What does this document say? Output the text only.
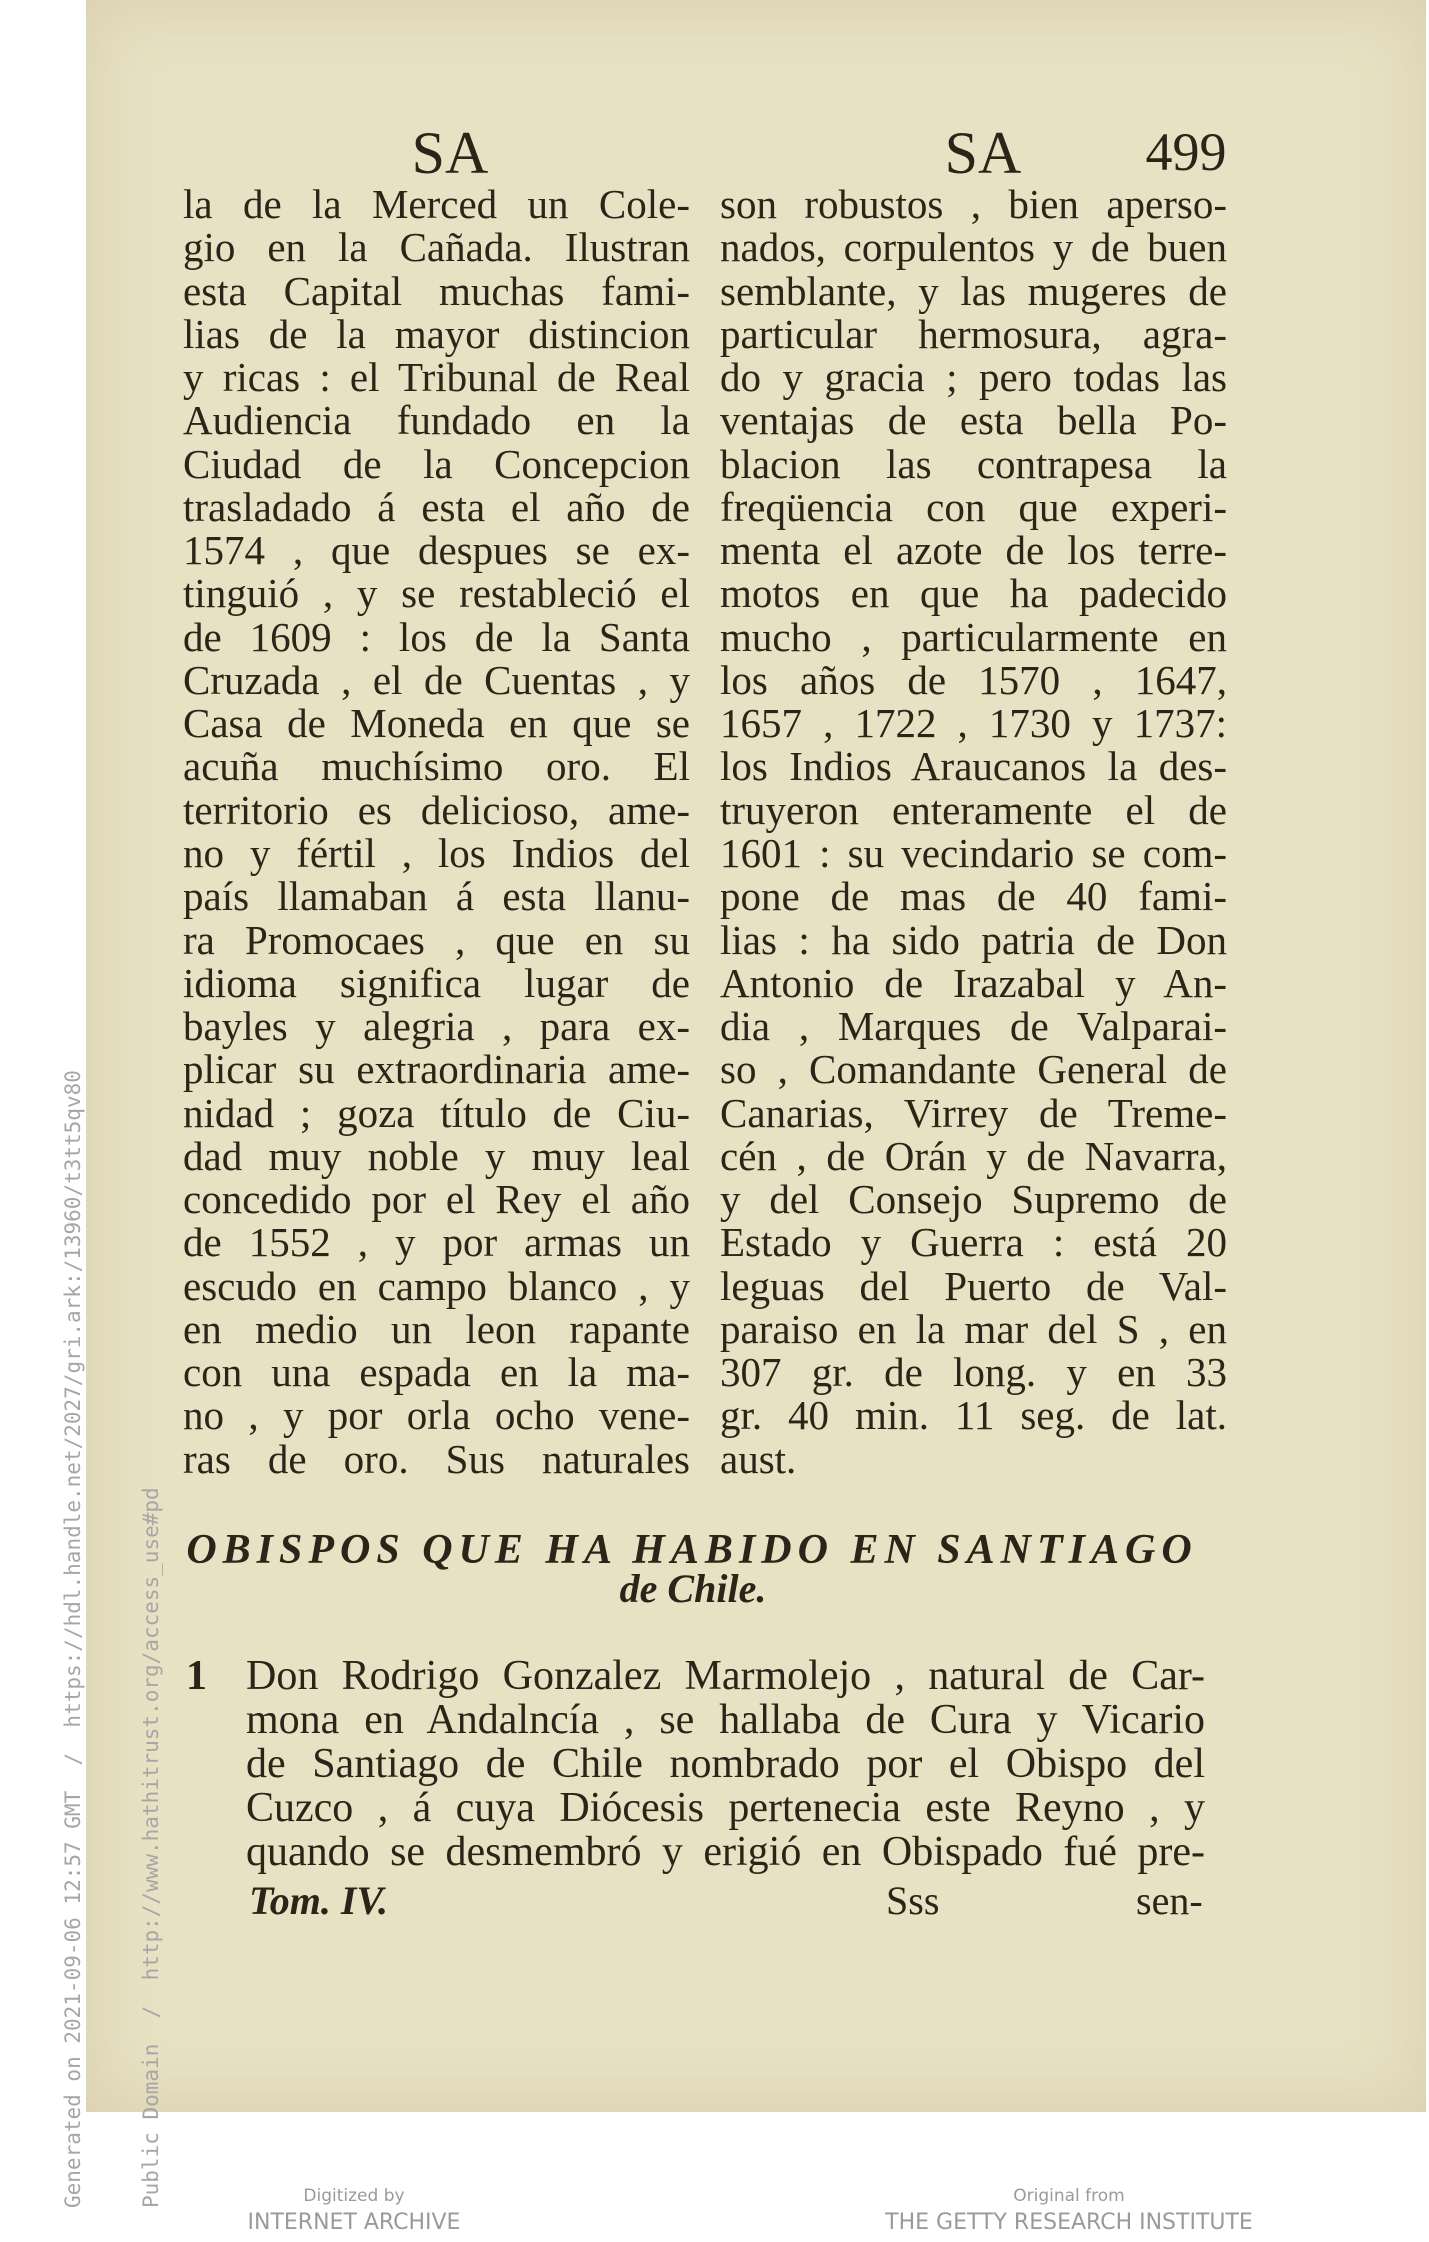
Generated on 2021-09-06 12:57 GMT  /  https://hdl.handle.net/2027/gri.ark:/13960/t3tt5qv80

	Public Domain  /  http://www.hathitrust.org/access_use#pd

SA	SA	499
la de la Merced un Cole-
gio en la Cañada. Ilustran
esta Capital muchas fami-
lias de la mayor distincion
y ricas : el Tribunal de Real
Audiencia fundado en la
Ciudad de la Concepcion
trasladado á esta el año de
1574 , que despues se ex-
tinguió , y se restableció el
de 1609 : los de la Santa
Cruzada , el de Cuentas , y
Casa de Moneda en que se
acuña muchísimo oro. El
territorio es delicioso, ame-
no y fértil , los Indios del
país llamaban á esta llanu-
ra Promocaes , que en su
idioma significa lugar de
bayles y alegria , para ex-
plicar su extraordinaria ame-
nidad ; goza título de Ciu-
dad muy noble y muy leal
concedido por el Rey el año
de 1552 , y por armas un
escudo en campo blanco , y
en medio un leon rapante
con una espada en la ma-
no , y por orla ocho vene-
ras de oro. Sus naturales
son robustos , bien aperso-
nados, corpulentos y de buen
semblante, y las mugeres de
particular hermosura, agra-
do y gracia ; pero todas las
ventajas de esta bella Po-
blacion las contrapesa la
freqüencia con que experi-
menta el azote de los terre-
motos en que ha padecido
mucho , particularmente en
los años de 1570 , 1647,
1657 , 1722 , 1730 y 1737:
los Indios Araucanos la des-
truyeron enteramente el de
1601 : su vecindario se com-
pone de mas de 40 fami-
lias : ha sido patria de Don
Antonio de Irazabal y An-
dia , Marques de Valparai-
so , Comandante General de
Canarias, Virrey de Treme-
cén , de Orán y de Navarra,
y del Consejo Supremo de
Estado y Guerra : está 20
leguas del Puerto de Val-
paraiso en la mar del S , en
307 gr. de long. y en 33
gr. 40 min. 11 seg. de lat.
aust.
OBISPOS QUE HA HABIDO EN SANTIAGO
de Chile.
1 Don Rodrigo Gonzalez Marmolejo , natural de Car-
mona en Andalncía , se hallaba de Cura y Vicario
de Santiago de Chile nombrado por el Obispo del
Cuzco , á cuya Diócesis pertenecia este Reyno , y
quando se desmembró y erigió en Obispado fué pre-
Tom. IV.	Sss	sen-
Digitized by
INTERNET ARCHIVE
Original from
THE GETTY RESEARCH INSTITUTE
